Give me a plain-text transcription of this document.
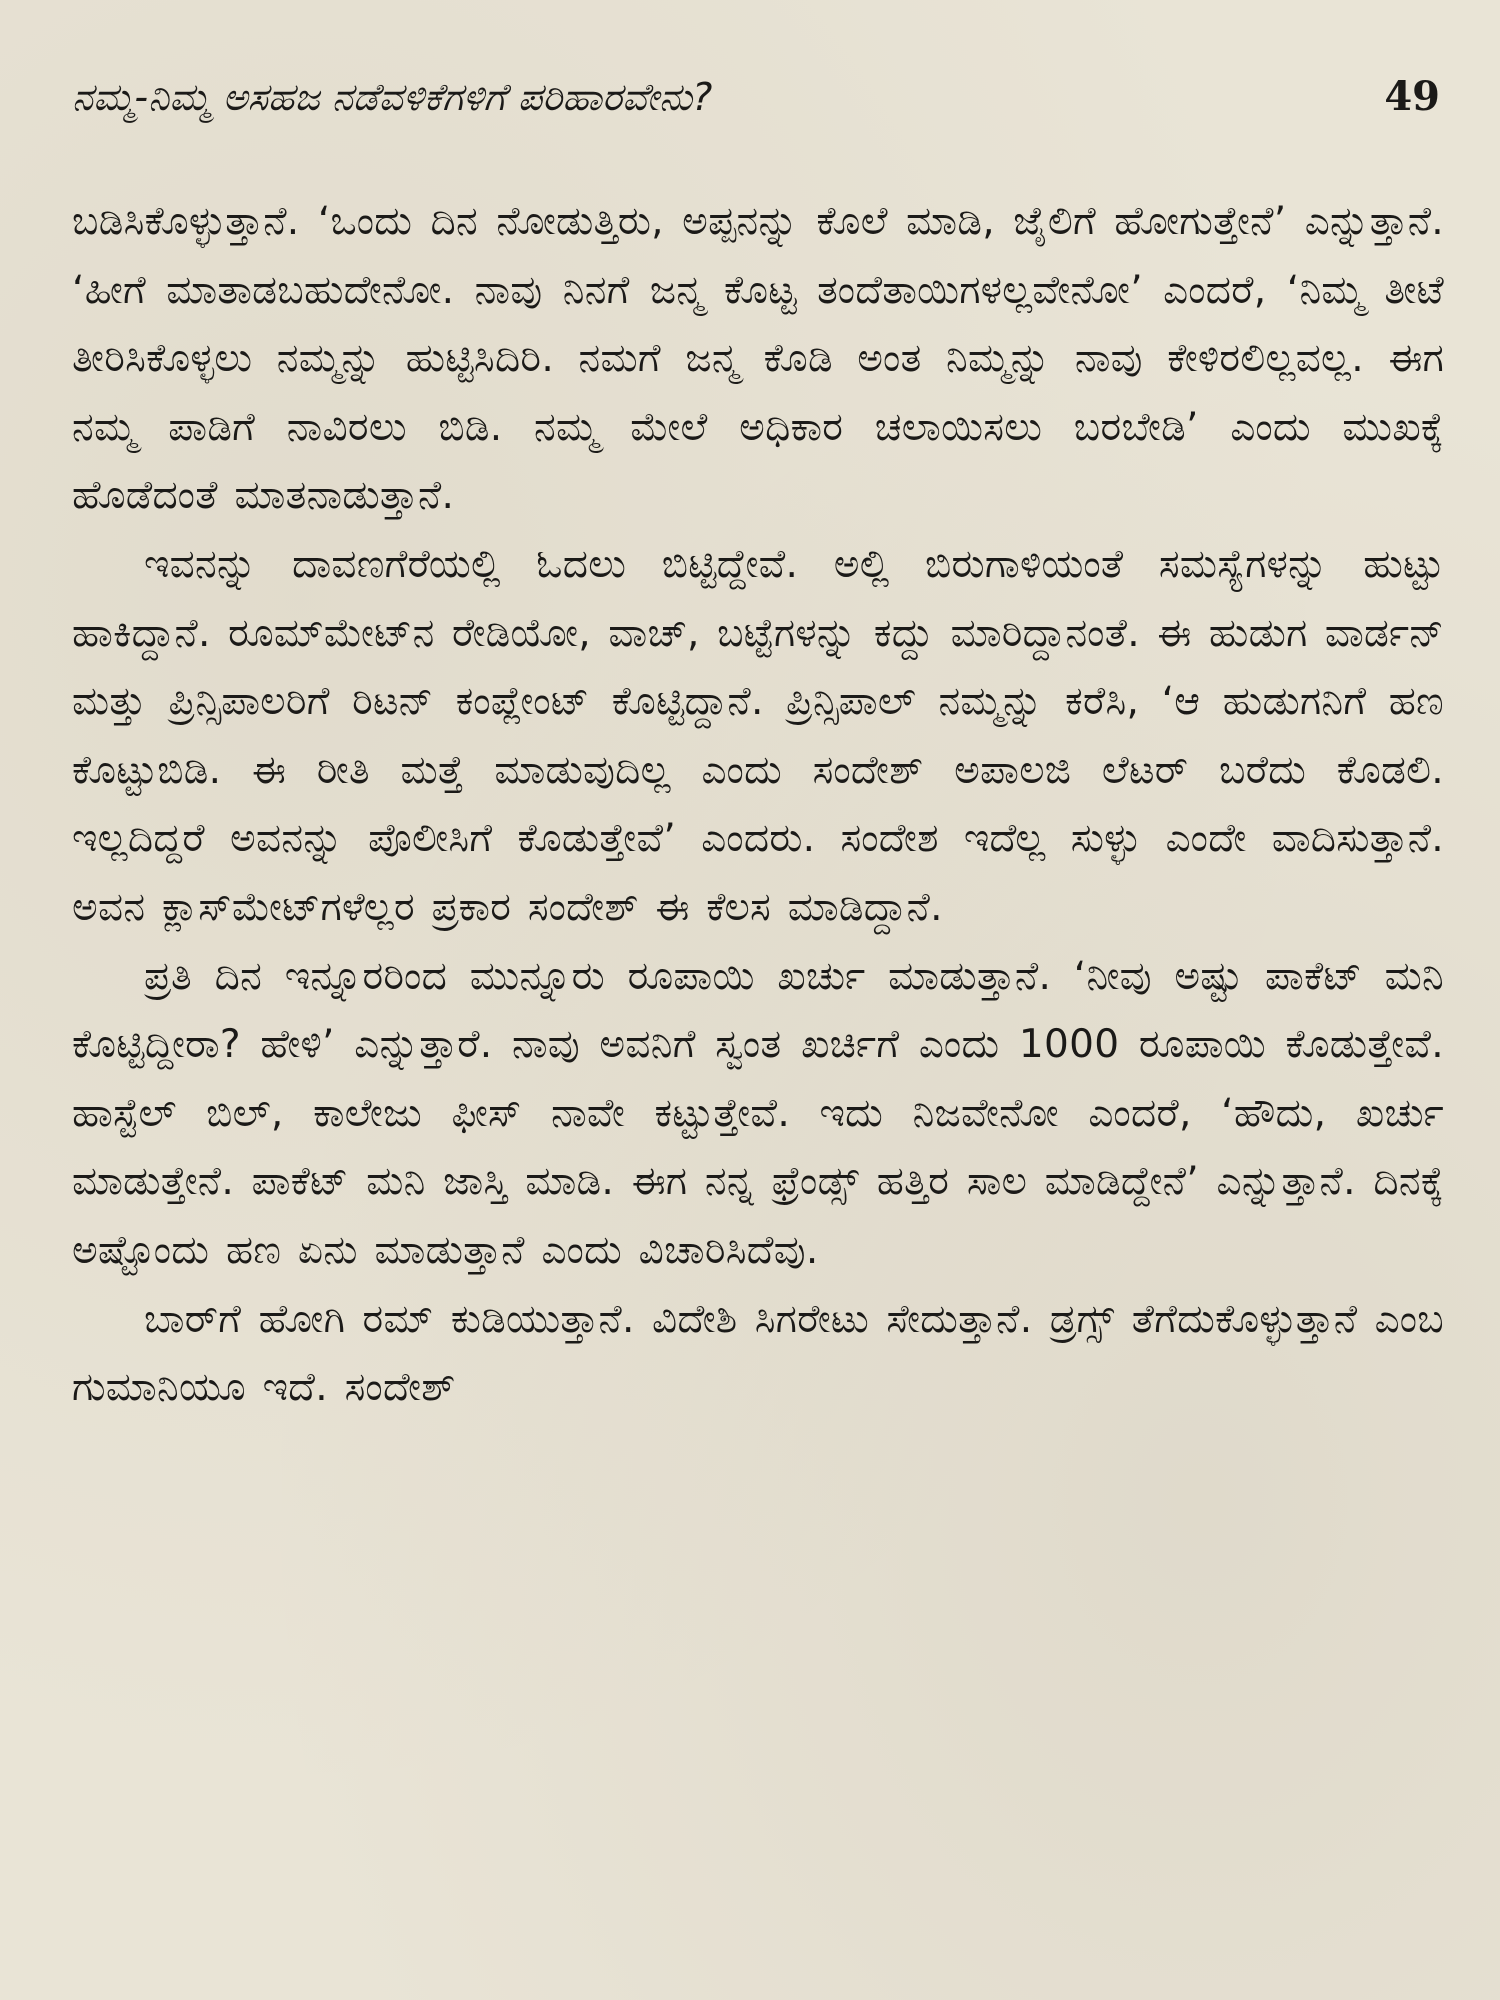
ನಮ್ಮ-ನಿಮ್ಮ ಅಸಹಜ ನಡೆವಳಿಕೆಗಳಿಗೆ ಪರಿಹಾರವೇನು?	49

ಬಡಿಸಿಕೊಳ್ಳುತ್ತಾನೆ. ‘ಒಂದು ದಿನ ನೋಡುತ್ತಿರು, ಅಪ್ಪನನ್ನು ಕೊಲೆ ಮಾಡಿ, ಜೈಲಿಗೆ ಹೋಗುತ್ತೇನೆ’ ಎನ್ನುತ್ತಾನೆ. ‘ಹೀಗೆ ಮಾತಾಡಬಹುದೇನೋ. ನಾವು ನಿನಗೆ ಜನ್ಮ ಕೊಟ್ಟ ತಂದೆತಾಯಿಗಳಲ್ಲವೇನೋ’ ಎಂದರೆ, ‘ನಿಮ್ಮ ತೀಟೆ ತೀರಿಸಿಕೊಳ್ಳಲು ನಮ್ಮನ್ನು ಹುಟ್ಟಿಸಿದಿರಿ. ನಮಗೆ ಜನ್ಮ ಕೊಡಿ ಅಂತ ನಿಮ್ಮನ್ನು ನಾವು ಕೇಳಿರಲಿಲ್ಲವಲ್ಲ. ಈಗ ನಮ್ಮ ಪಾಡಿಗೆ ನಾವಿರಲು ಬಿಡಿ. ನಮ್ಮ ಮೇಲೆ ಅಧಿಕಾರ ಚಲಾಯಿಸಲು ಬರಬೇಡಿ’ ಎಂದು ಮುಖಕ್ಕೆ ಹೊಡೆದಂತೆ ಮಾತನಾಡುತ್ತಾನೆ.

ಇವನನ್ನು ದಾವಣಗೆರೆಯಲ್ಲಿ ಓದಲು ಬಿಟ್ಟಿದ್ದೇವೆ. ಅಲ್ಲಿ ಬಿರುಗಾಳಿಯಂತೆ ಸಮಸ್ಯೆಗಳನ್ನು ಹುಟ್ಟು ಹಾಕಿದ್ದಾನೆ. ರೂಮ್‌ಮೇಟ್‌ನ ರೇಡಿಯೋ, ವಾಚ್, ಬಟ್ಟೆಗಳನ್ನು ಕದ್ದು ಮಾರಿದ್ದಾನಂತೆ. ಈ ಹುಡುಗ ವಾರ್ಡನ್ ಮತ್ತು ಪ್ರಿನ್ಸಿಪಾಲರಿಗೆ ರಿಟನ್ ಕಂಪ್ಲೇಂಟ್ ಕೊಟ್ಟಿದ್ದಾನೆ. ಪ್ರಿನ್ಸಿಪಾಲ್ ನಮ್ಮನ್ನು ಕರೆಸಿ, ‘ಆ ಹುಡುಗನಿಗೆ ಹಣ ಕೊಟ್ಟುಬಿಡಿ. ಈ ರೀತಿ ಮತ್ತೆ ಮಾಡುವುದಿಲ್ಲ ಎಂದು ಸಂದೇಶ್ ಅಪಾಲಜಿ ಲೆಟರ್ ಬರೆದು ಕೊಡಲಿ. ಇಲ್ಲದಿದ್ದರೆ ಅವನನ್ನು ಪೊಲೀಸಿಗೆ ಕೊಡುತ್ತೇವೆ’ ಎಂದರು. ಸಂದೇಶ ಇದೆಲ್ಲ ಸುಳ್ಳು ಎಂದೇ ವಾದಿಸುತ್ತಾನೆ. ಅವನ ಕ್ಲಾಸ್‌ಮೇಟ್‌ಗಳೆಲ್ಲರ ಪ್ರಕಾರ ಸಂದೇಶ್ ಈ ಕೆಲಸ ಮಾಡಿದ್ದಾನೆ.

ಪ್ರತಿ ದಿನ ಇನ್ನೂರರಿಂದ ಮುನ್ನೂರು ರೂಪಾಯಿ ಖರ್ಚು ಮಾಡುತ್ತಾನೆ. ‘ನೀವು ಅಷ್ಟು ಪಾಕೆಟ್ ಮನಿ ಕೊಟ್ಟಿದ್ದೀರಾ? ಹೇಳಿ’ ಎನ್ನುತ್ತಾರೆ. ನಾವು ಅವನಿಗೆ ಸ್ವಂತ ಖರ್ಚಿಗೆ ಎಂದು 1000 ರೂಪಾಯಿ ಕೊಡುತ್ತೇವೆ. ಹಾಸ್ಟೆಲ್ ಬಿಲ್, ಕಾಲೇಜು ಫೀಸ್ ನಾವೇ ಕಟ್ಟುತ್ತೇವೆ. ಇದು ನಿಜವೇನೋ ಎಂದರೆ, ‘ಹೌದು, ಖರ್ಚು ಮಾಡುತ್ತೇನೆ. ಪಾಕೆಟ್ ಮನಿ ಜಾಸ್ತಿ ಮಾಡಿ. ಈಗ ನನ್ನ ಫ್ರೆಂಡ್ಸ್ ಹತ್ತಿರ ಸಾಲ ಮಾಡಿದ್ದೇನೆ’ ಎನ್ನುತ್ತಾನೆ. ದಿನಕ್ಕೆ ಅಷ್ಟೊಂದು ಹಣ ಏನು ಮಾಡುತ್ತಾನೆ ಎಂದು ವಿಚಾರಿಸಿದೆವು.

ಬಾರ್‌ಗೆ ಹೋಗಿ ರಮ್ ಕುಡಿಯುತ್ತಾನೆ. ವಿದೇಶಿ ಸಿಗರೇಟು ಸೇದುತ್ತಾನೆ. ಡ್ರಗ್ಸ್ ತೆಗೆದುಕೊಳ್ಳುತ್ತಾನೆ ಎಂಬ ಗುಮಾನಿಯೂ ಇದೆ. ಸಂದೇಶ್
